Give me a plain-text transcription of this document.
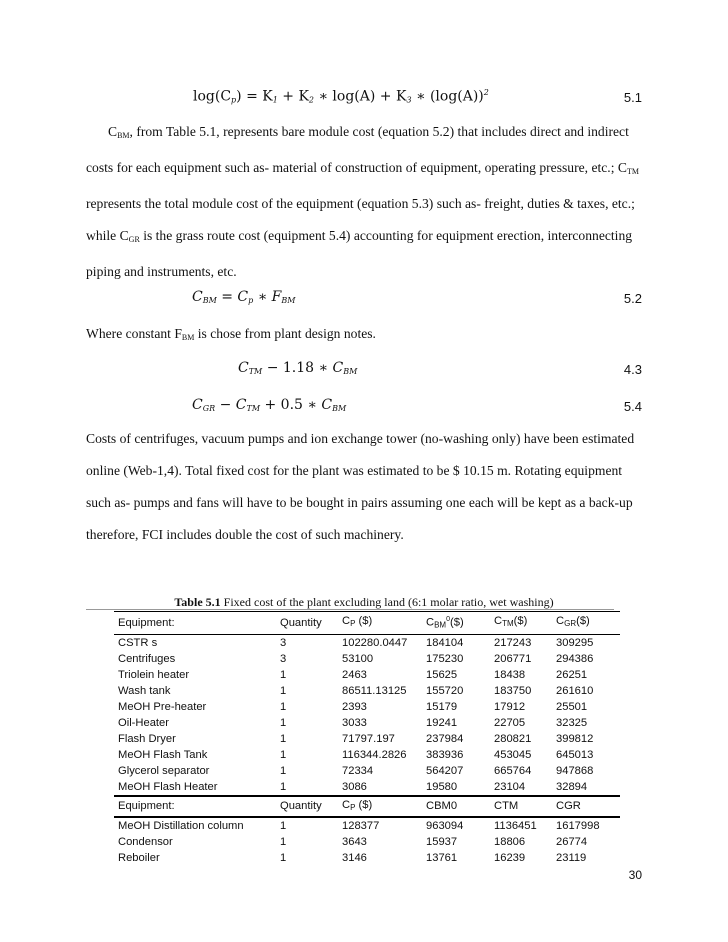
$\log(C_p) = K_1 + K_2$ ∗ $\log(A) + K_3$ ∗ $(\log(A))^2$	5.1

$C_{BM}$, from Table 5.1, represents bare module cost (equation 5.2) that includes direct and indirect costs for each equipment such as- material of construction of equipment, operating pressure, etc.; $C_{TM}$ represents the total module cost of the equipment (equation 5.3) such as- freight, duties & taxes, etc.; while $C_{GR}$ is the grass route cost (equipment 5.4) accounting for equipment erection, interconnecting piping and instruments, etc.

$C_{BM} = C_p$ ∗ $F_{BM}$	5.2

Where constant $F_{BM}$ is chose from plant design notes.

$C_{TM} - 1.18$ ∗ $C_{BM}$	4.3
$C_{GR} - C_{TM} + 0.5$ ∗ $C_{BM}$	5.4

Costs of centrifuges, vacuum pumps and ion exchange tower (no-washing only) have been estimated online (Web-1,4). Total fixed cost for the plant was estimated to be $ 10.15 m. Rotating equipment such as- pumps and fans will have to be bought in pairs assuming one each will be kept as a back-up therefore, FCI includes double the cost of such machinery.

Table 5.1 Fixed cost of the plant excluding land (6:1 molar ratio, wet washing)
Equipment:	Quantity	$C_P$ ($)	$C_{BM}^0(\$)$	$C_{TM}(\$)$	$C_{GR}(\$)$
CSTR s	3	102280.0447	184104	217243	309295
Centrifuges	3	53100	175230	206771	294386
Triolein heater	1	2463	15625	18438	26251
Wash tank	1	86511.13125	155720	183750	261610
MeOH Pre-heater	1	2393	15179	17912	25501
Oil-Heater	1	3033	19241	22705	32325
Flash Dryer	1	71797.197	237984	280821	399812
MeOH Flash Tank	1	116344.2826	383936	453045	645013
Glycerol separator	1	72334	564207	665764	947868
MeOH Flash Heater	1	3086	19580	23104	32894
Equipment:	Quantity	$C_P$ ($)	CBM0	CTM	CGR
MeOH Distillation column	1	128377	963094	1136451	1617998
Condensor	1	3643	15937	18806	26774
Reboiler	1	3146	13761	16239	23119
30
